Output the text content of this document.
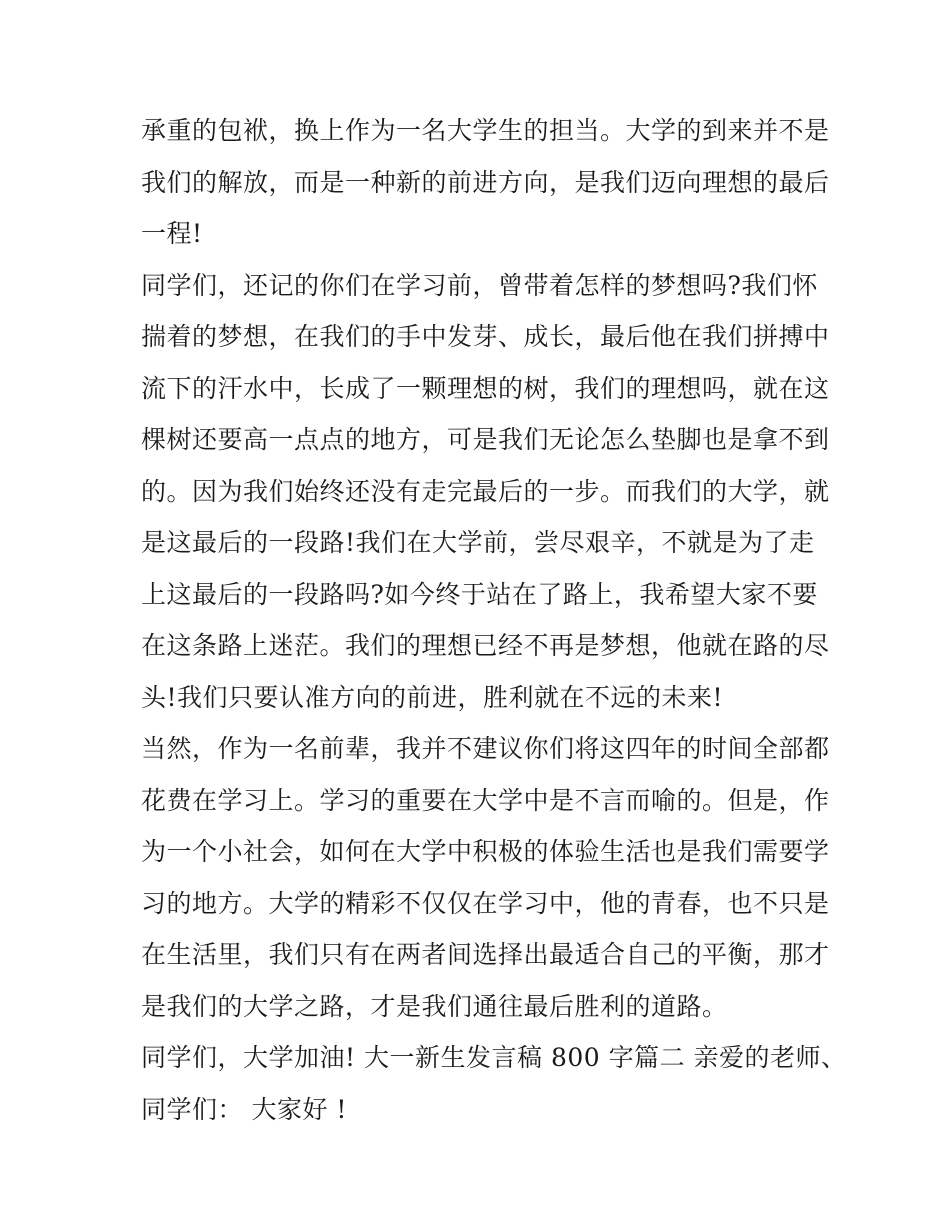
承重的包袱，换上作为一名大学生的担当。大学的到来并不是
我们的解放，而是一种新的前进方向，是我们迈向理想的最后
一程!
同学们，还记的你们在学习前，曾带着怎样的梦想吗?我们怀
揣着的梦想，在我们的手中发芽、成长，最后他在我们拼搏中
流下的汗水中，长成了一颗理想的树，我们的理想吗，就在这
棵树还要高一点点的地方，可是我们无论怎么垫脚也是拿不到
的。因为我们始终还没有走完最后的一步。而我们的大学，就
是这最后的一段路!我们在大学前，尝尽艰辛，不就是为了走
上这最后的一段路吗?如今终于站在了路上，我希望大家不要
在这条路上迷茫。我们的理想已经不再是梦想，他就在路的尽
头!我们只要认准方向的前进，胜利就在不远的未来!
当然，作为一名前辈，我并不建议你们将这四年的时间全部都
花费在学习上。学习的重要在大学中是不言而喻的。但是，作
为一个小社会，如何在大学中积极的体验生活也是我们需要学
习的地方。大学的精彩不仅仅在学习中，他的青春，也不只是
在生活里，我们只有在两者间选择出最适合自己的平衡，那才
是我们的大学之路，才是我们通往最后胜利的道路。
同学们，大学加油! 大一新生发言稿 800 字篇二 亲爱的老师、
同学们： 大家好 !
